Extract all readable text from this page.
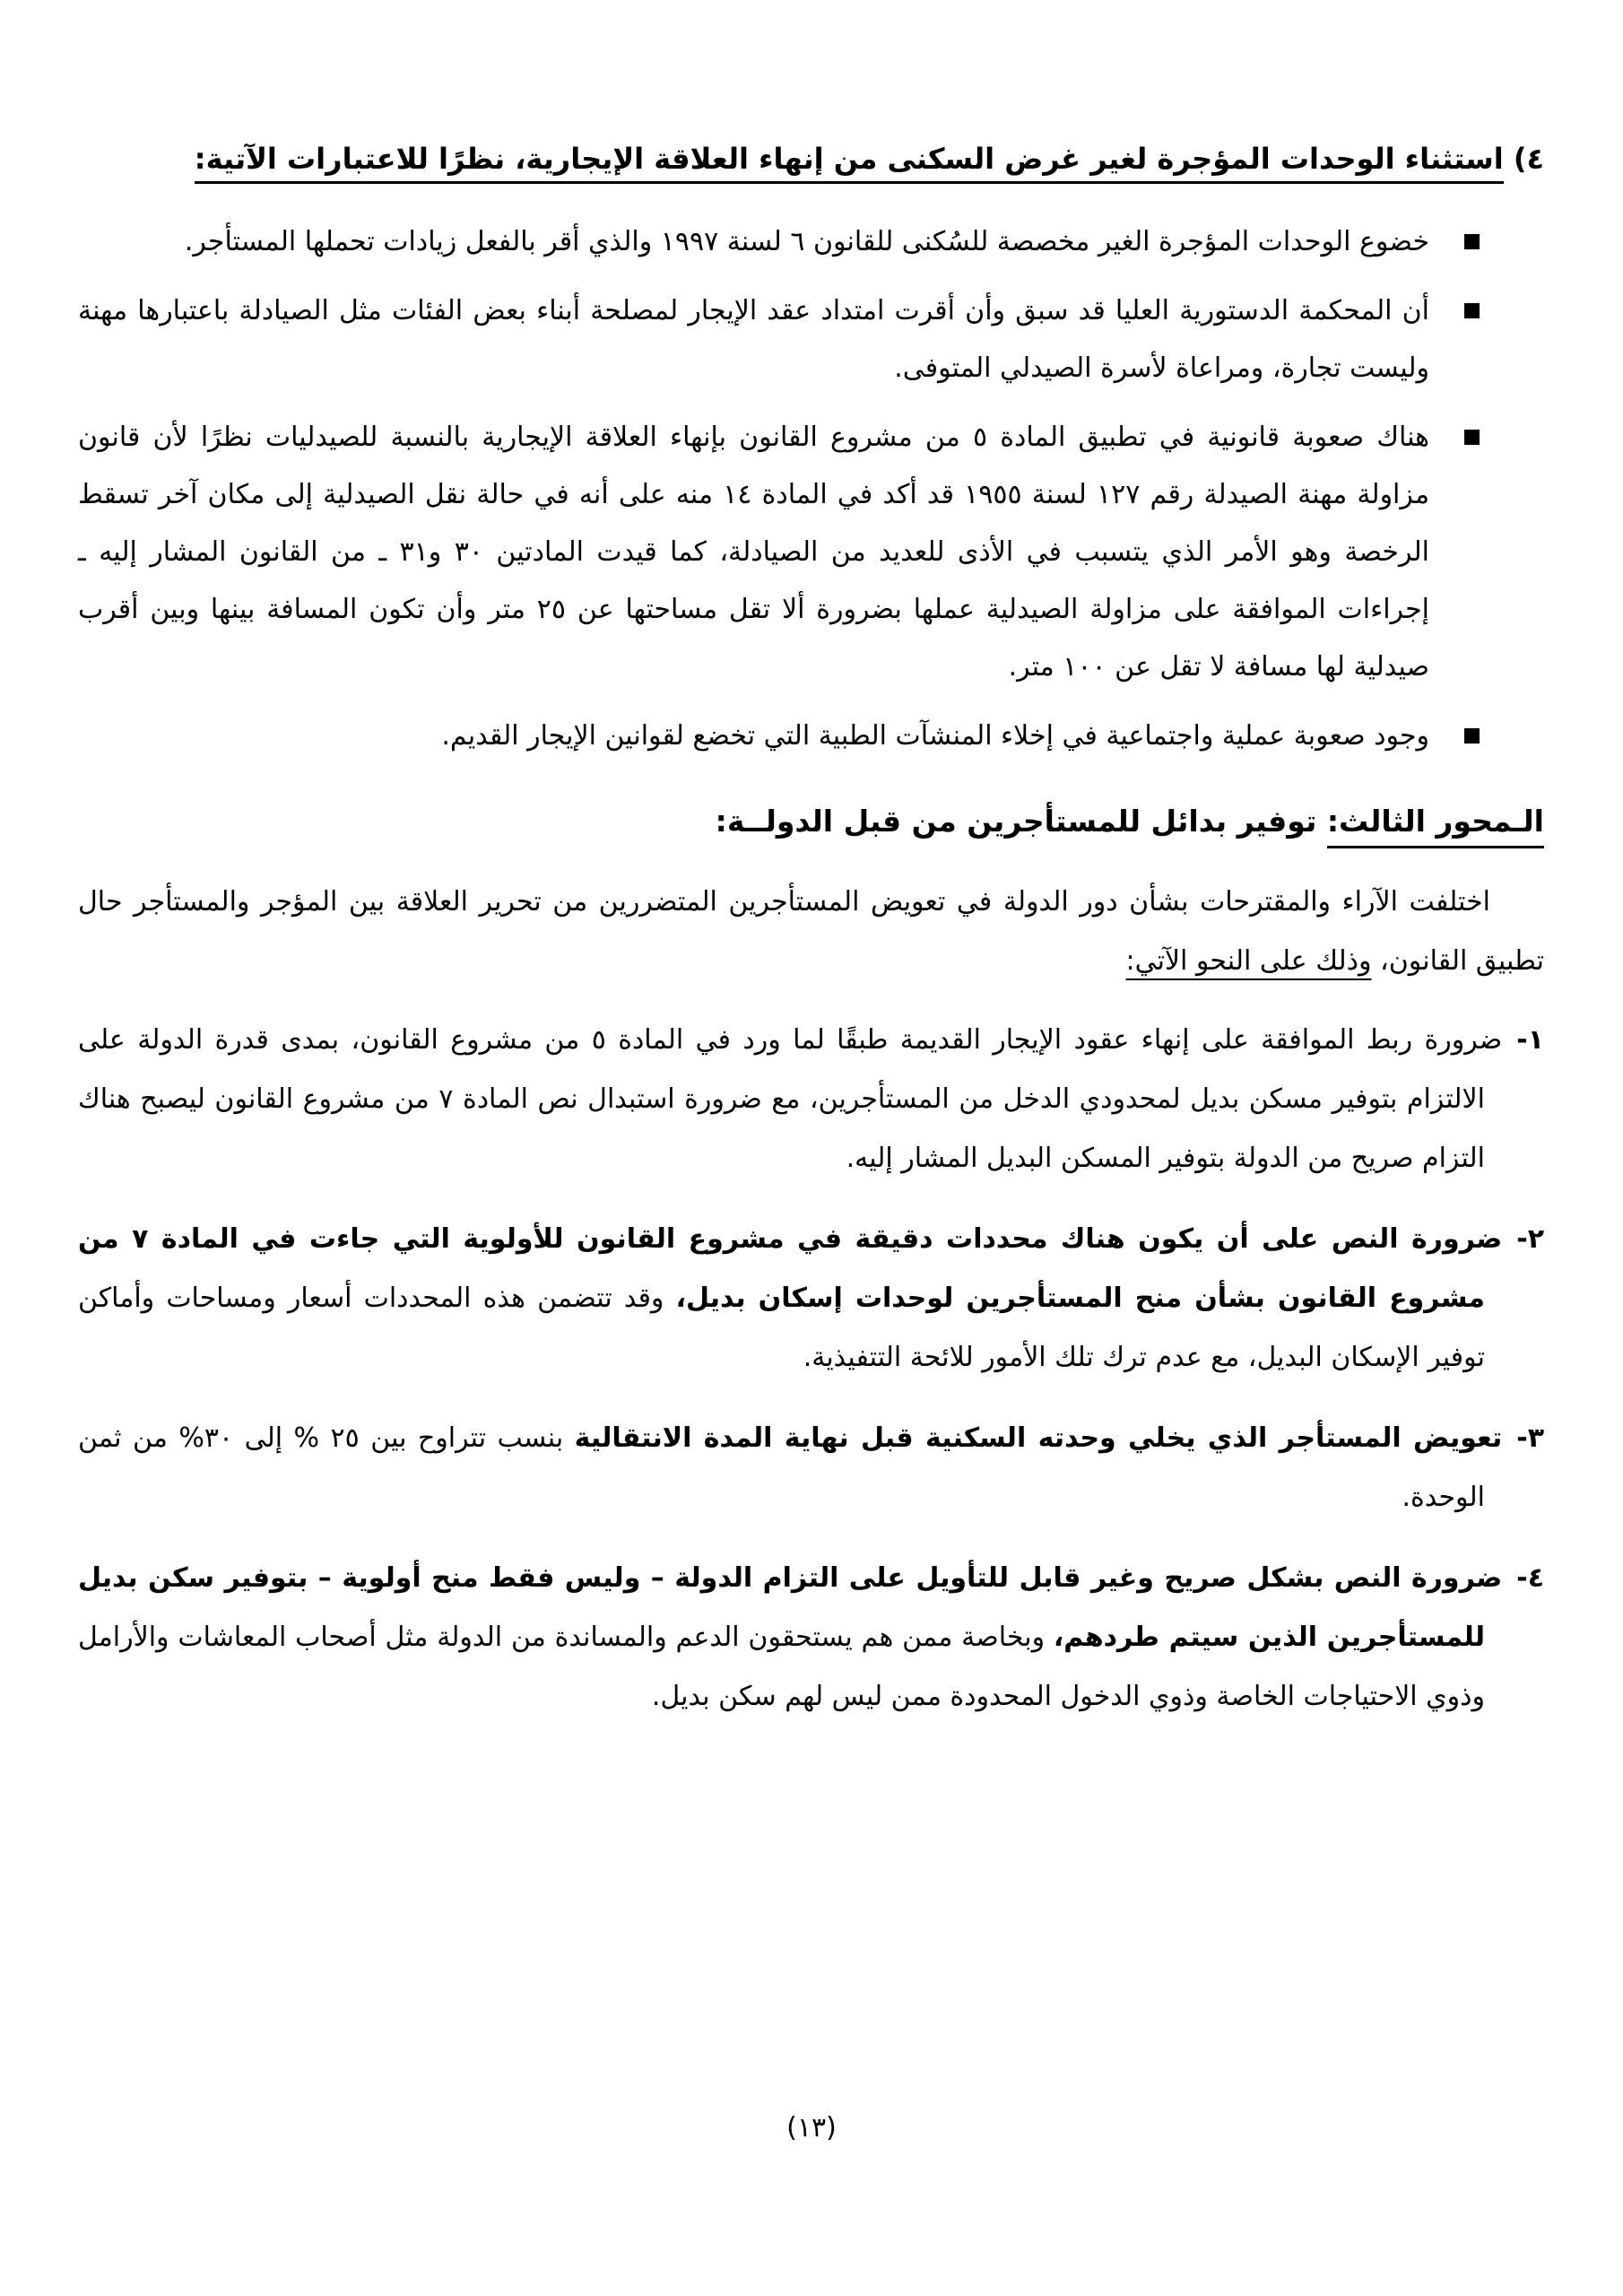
٤) استثناء الوحدات المؤجرة لغير غرض السكنى من إنهاء العلاقة الإيجارية، نظرًا للاعتبارات الآتية:
خضوع الوحدات المؤجرة الغير مخصصة للسُكنى للقانون ٦ لسنة ١٩٩٧ والذي أقر بالفعل زيادات تحملها المستأجر.
أن المحكمة الدستورية العليا قد سبق وأن أقرت امتداد عقد الإيجار لمصلحة أبناء بعض الفئات مثل الصيادلة باعتبارها مهنة وليست تجارة، ومراعاة لأسرة الصيدلي المتوفى.
هناك صعوبة قانونية في تطبيق المادة ٥ من مشروع القانون بإنهاء العلاقة الإيجارية بالنسبة للصيدليات نظرًا لأن قانون مزاولة مهنة الصيدلة رقم ١٢٧ لسنة ١٩٥٥ قد أكد في المادة ١٤ منه على أنه في حالة نقل الصيدلية إلى مكان آخر تسقط الرخصة وهو الأمر الذي يتسبب في الأذى للعديد من الصيادلة، كما قيدت المادتين ٣٠ و٣١ ـ من القانون المشار إليه ـ إجراءات الموافقة على مزاولة الصيدلية عملها بضرورة ألا تقل مساحتها عن ٢٥ متر وأن تكون المسافة بينها وبين أقرب صيدلية لها مسافة لا تقل عن ١٠٠ متر.
وجود صعوبة عملية واجتماعية في إخلاء المنشآت الطبية التي تخضع لقوانين الإيجار القديم.
الـمحور الثالث: توفير بدائل للمستأجرين من قبل الدولــة:

اختلفت الآراء والمقترحات بشأن دور الدولة في تعويض المستأجرين المتضررين من تحرير العلاقة بين المؤجر والمستأجر حال تطبيق القانون، وذلك على النحو الآتي:

١-ضرورة ربط الموافقة على إنهاء عقود الإيجار القديمة طبقًا لما ورد في المادة ٥ من مشروع القانون، بمدى قدرة الدولة على الالتزام بتوفير مسكن بديل لمحدودي الدخل من المستأجرين، مع ضرورة استبدال نص المادة ٧ من مشروع القانون ليصبح هناك التزام صريح من الدولة بتوفير المسكن البديل المشار إليه.
٢-ضرورة النص على أن يكون هناك محددات دقيقة في مشروع القانون للأولوية التي جاءت في المادة ٧ من مشروع القانون بشأن منح المستأجرين لوحدات إسكان بديل، وقد تتضمن هذه المحددات أسعار ومساحات وأماكن توفير الإسكان البديل، مع عدم ترك تلك الأمور للائحة التتفيذية.
٣-تعويض المستأجر الذي يخلي وحدته السكنية قبل نهاية المدة الانتقالية بنسب تتراوح بين ٢٥ % إلى ٣٠% من ثمن الوحدة.
٤-ضرورة النص بشكل صريح وغير قابل للتأويل على التزام الدولة – وليس فقط منح أولوية – بتوفير سكن بديل للمستأجرين الذين سيتم طردهم، وبخاصة ممن هم يستحقون الدعم والمساندة من الدولة مثل أصحاب المعاشات والأرامل وذوي الاحتياجات الخاصة وذوي الدخول المحدودة ممن ليس لهم سكن بديل.
(١٣)
